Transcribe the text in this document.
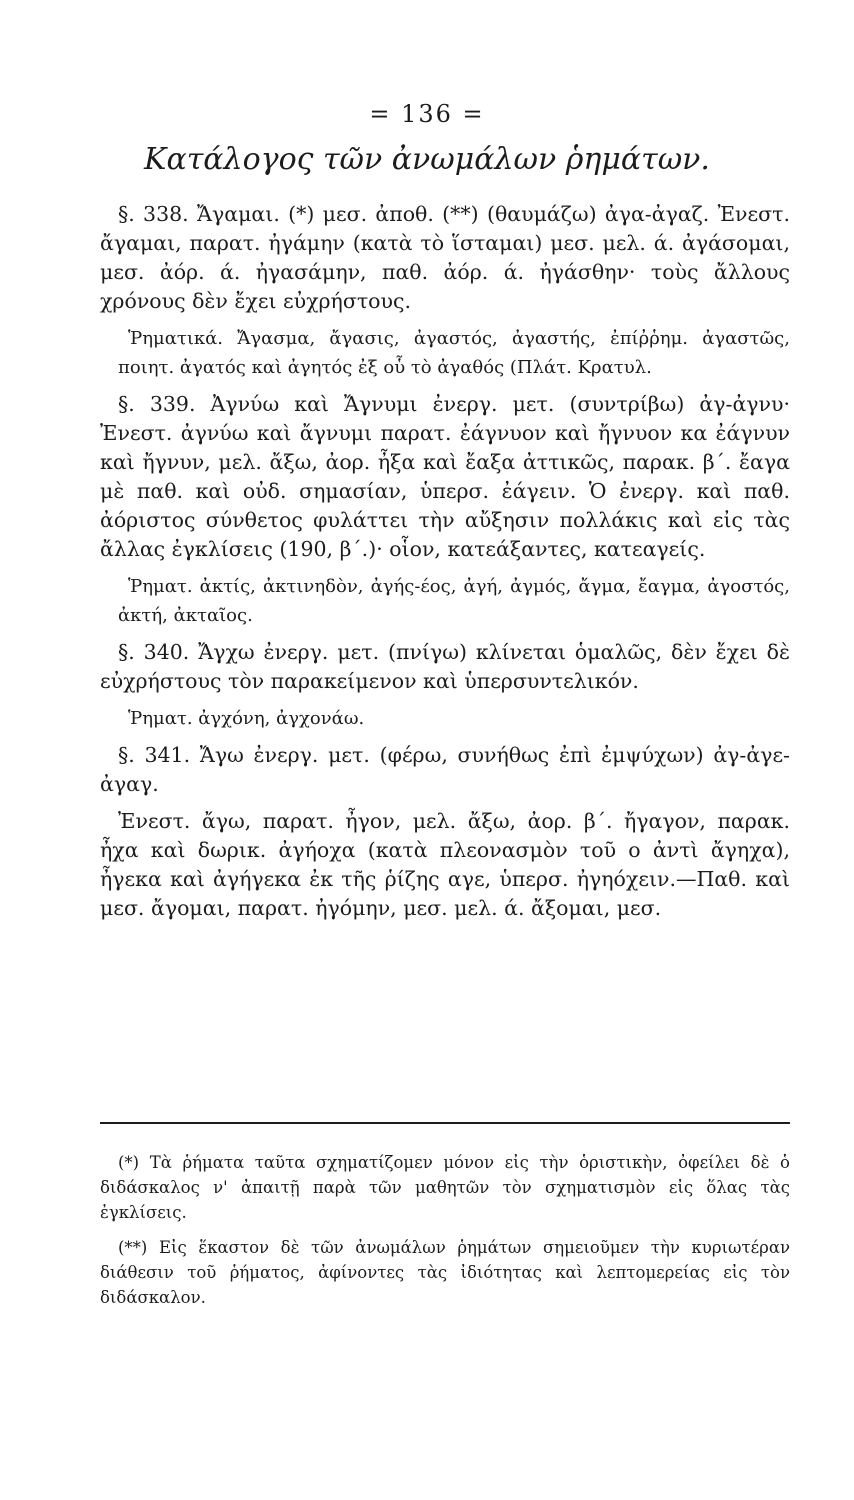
= 136 =
Κατάλογος τῶν ἀνωμάλων ῥημάτων.

§. 338. Ἄγαμαι. (*) μεσ. ἀποθ. (**) (θαυμάζω) ἀγα-ἀγαζ. Ἐνεστ. ἄγαμαι, παρατ. ἠγάμην (κατὰ τὸ ἵσταμαι) μεσ. μελ. ά. ἀγάσομαι, μεσ. ἀόρ. ά. ἠγασάμην, παθ. ἀόρ. ά. ἠγάσθην· τοὺς ἄλλους χρόνους δὲν ἔχει εὐχρήστους.

Ῥηματικά. Ἄγασμα, ἄγασις, ἀγαστός, ἀγαστής, ἐπίῤῥημ. ἀγαστῶς, ποιητ. ἀγατός καὶ ἀγητός ἐξ οὗ τὸ ἀγαθός (Πλάτ. Κρατυλ.

§. 339. Ἀγνύω καὶ Ἄγνυμι ἐνεργ. μετ. (συντρίβω) ἀγ-ἀγνυ· Ἐνεστ. ἀγνύω καὶ ἄγνυμι παρατ. ἐάγνυον καὶ ἤγνυον κα ἐάγνυν καὶ ἤγνυν, μελ. ἄξω, ἀορ. ἦξα καὶ ἔαξα ἀττικῶς, παρακ. β΄. ἔαγα μὲ παθ. καὶ οὐδ. σημασίαν, ὑπερσ. ἐάγειν. Ὁ ἐνεργ. καὶ παθ. ἀόριστος σύνθετος φυλάττει τὴν αὔξησιν πολλάκις καὶ εἰς τὰς ἄλλας ἐγκλίσεις (190, β΄.)· οἷον, κατεάξαντες, κατεαγείς.

Ῥηματ. ἀκτίς, ἀκτινηδὸν, ἀγής-έος, ἀγή, ἀγμός, ἄγμα, ἔαγμα, ἀγοστός, ἀκτή, ἀκταῖος.

§. 340. Ἄγχω ἐνεργ. μετ. (πνίγω) κλίνεται ὁμαλῶς, δὲν ἔχει δὲ εὐχρήστους τὸν παρακείμενον καὶ ὑπερσυντελικόν.

Ῥηματ. ἀγχόνη, ἀγχονάω.

§. 341. Ἄγω ἐνεργ. μετ. (φέρω, συνήθως ἐπὶ ἐμψύχων) ἀγ-ἀγε-ἀγαγ.

Ἐνεστ. ἄγω, παρατ. ἦγον, μελ. ἄξω, ἀορ. β΄. ἤγαγον, παρακ. ἦχα καὶ δωρικ. ἀγήοχα (κατὰ πλεονασμὸν τοῦ ο ἀντὶ ἄγηχα), ἦγεκα καὶ ἀγήγεκα ἐκ τῆς ῥίζης αγε, ὑπερσ. ἠγηόχειν.—Παθ. καὶ μεσ. ἄγομαι, παρατ. ἠγόμην, μεσ. μελ. ά. ἄξομαι, μεσ.

(*) Τὰ ῥήματα ταῦτα σχηματίζομεν μόνον εἰς τὴν ὁριστικὴν, ὀφείλει δὲ ὁ διδάσκαλος ν' ἀπαιτῇ παρὰ τῶν μαθητῶν τὸν σχηματισμὸν εἰς ὅλας τὰς ἐγκλίσεις.

(**) Εἰς ἕκαστον δὲ τῶν ἀνωμάλων ῥημάτων σημειοῦμεν τὴν κυριωτέραν διάθεσιν τοῦ ῥήματος, ἀφίνοντες τὰς ἰδιότητας καὶ λεπτομερείας εἰς τὸν διδάσκαλον.
